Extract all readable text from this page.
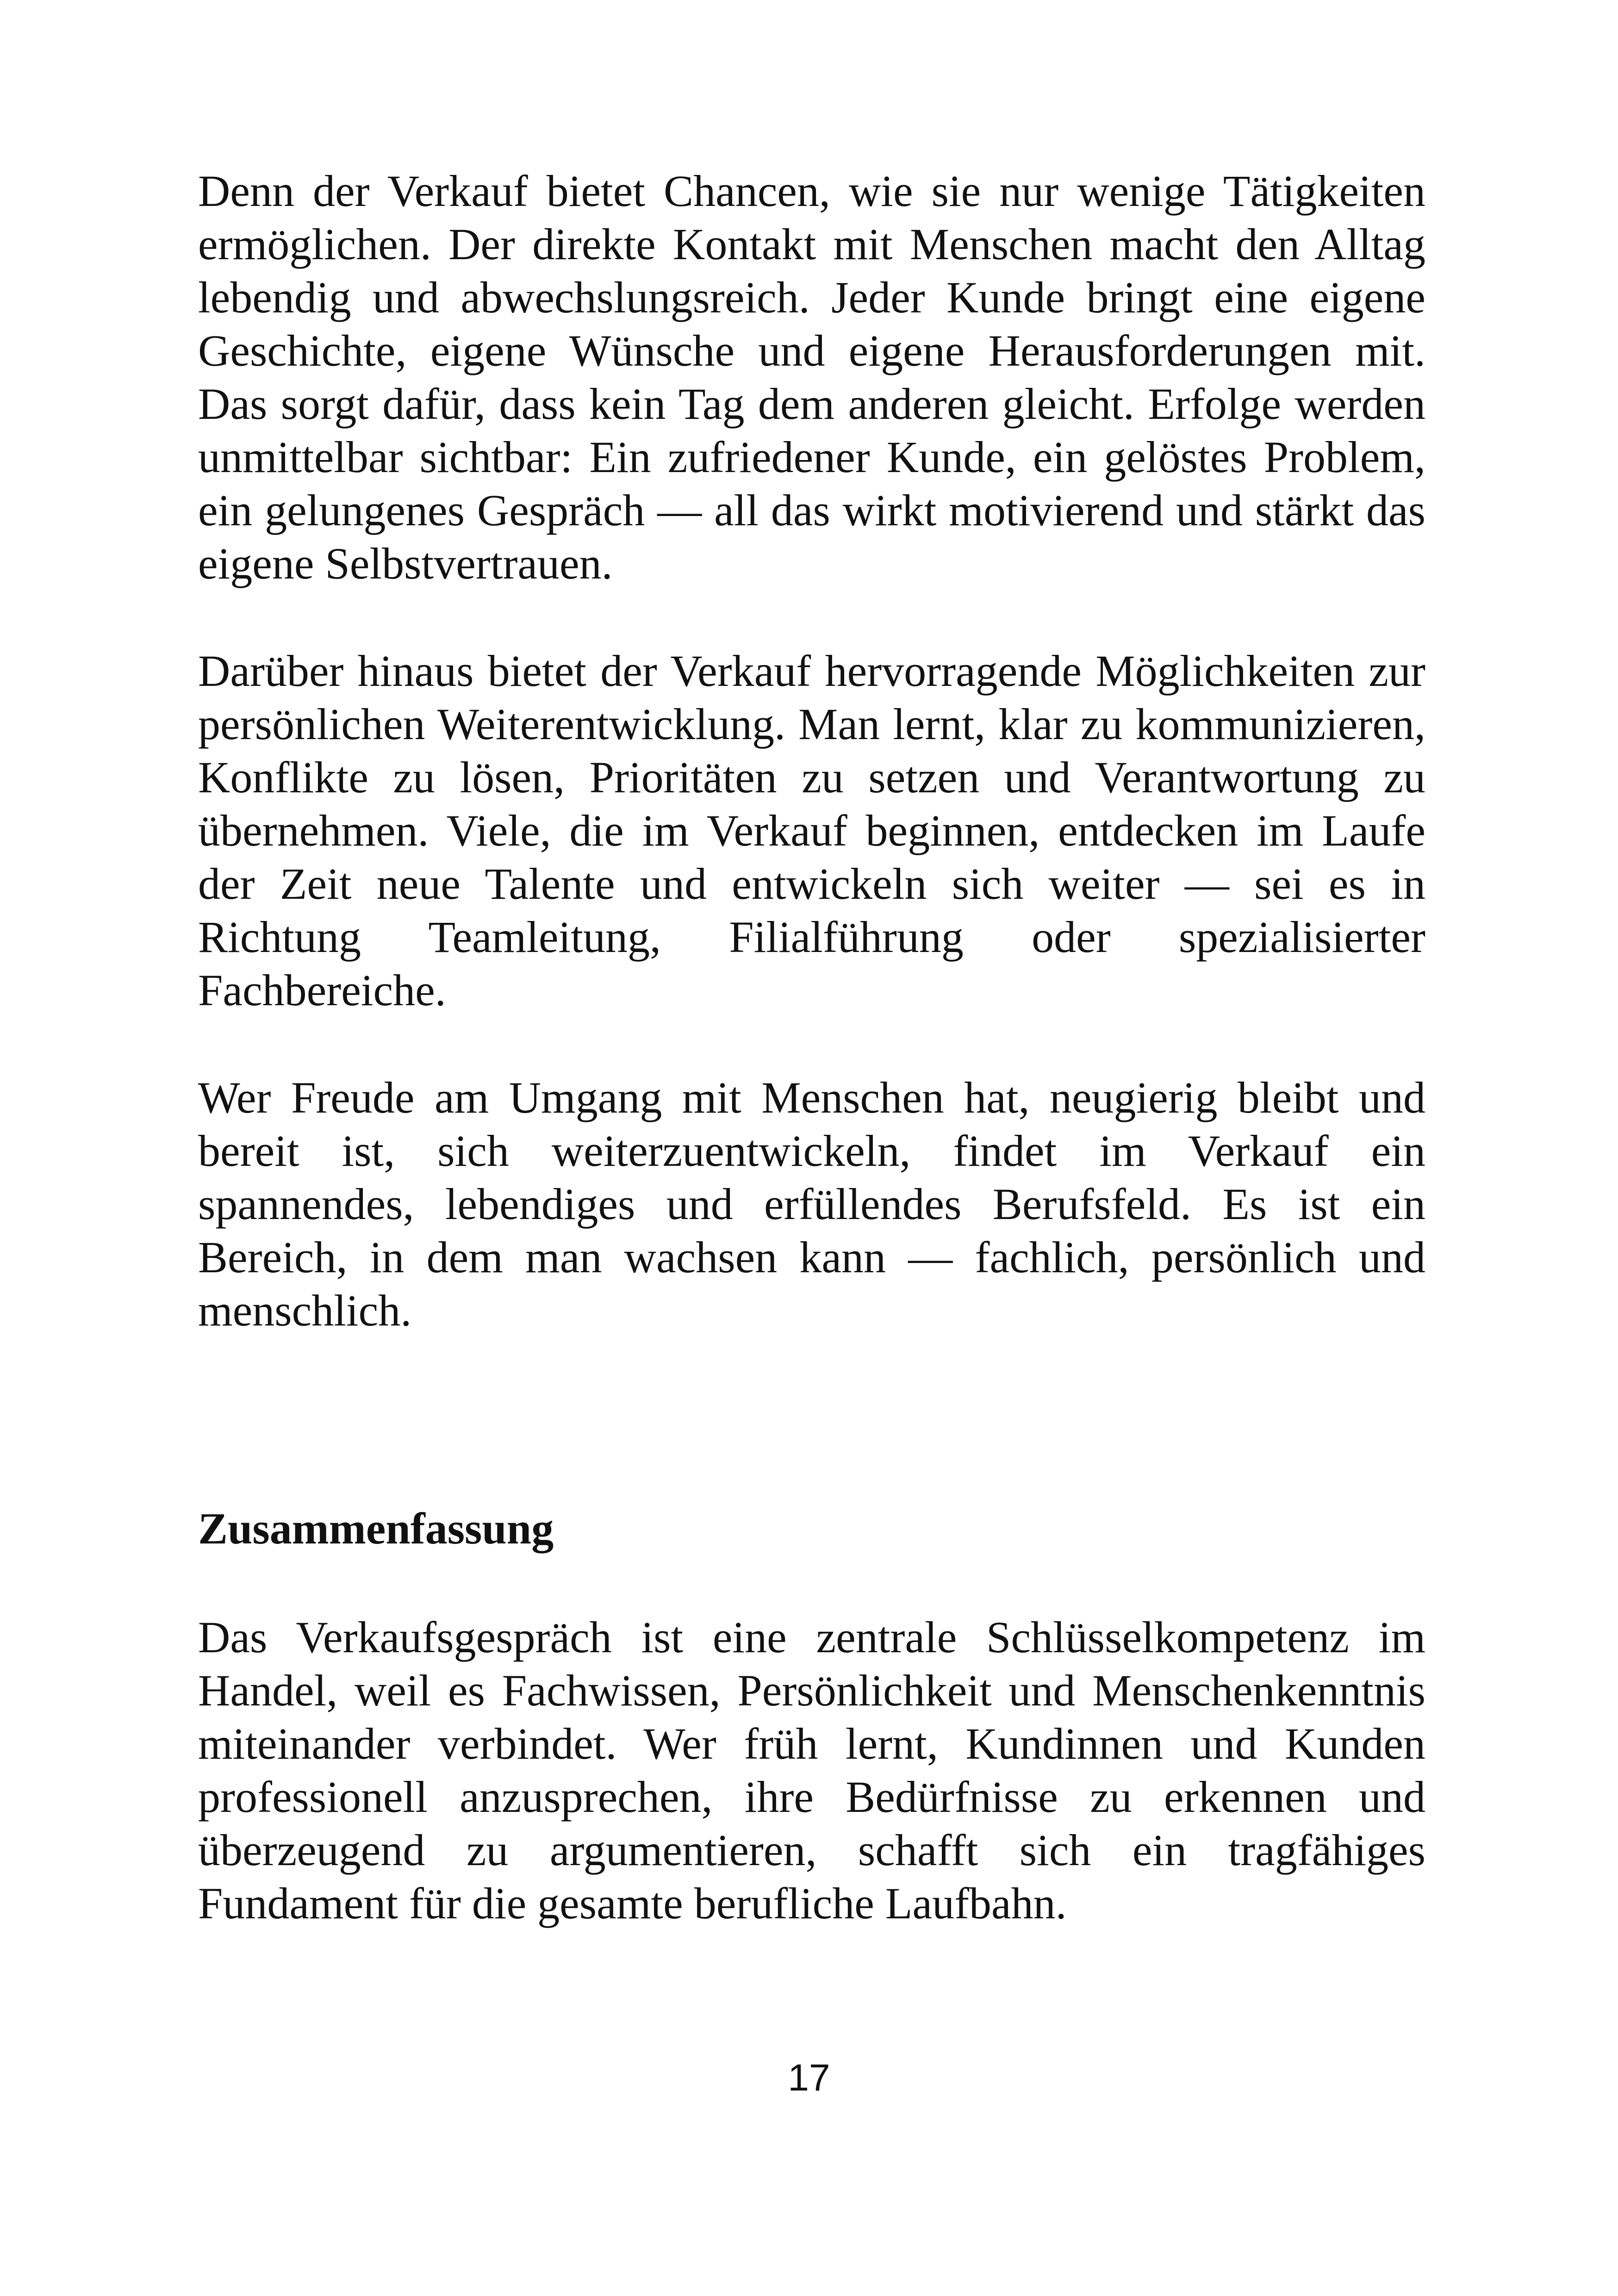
Denn der Verkauf bietet Chancen, wie sie nur wenige Tätigkeiten ermöglichen. Der direkte Kontakt mit Menschen macht den Alltag lebendig und abwechslungsreich. Jeder Kunde bringt eine eigene Geschichte, eigene Wünsche und eigene Herausforderungen mit. Das sorgt dafür, dass kein Tag dem anderen gleicht. Erfolge werden unmittelbar sichtbar: Ein zufriedener Kunde, ein gelöstes Problem, ein gelungenes Gespräch — all das wirkt motivierend und stärkt das eigene Selbstvertrauen.

Darüber hinaus bietet der Verkauf hervorragende Möglichkeiten zur persönlichen Weiterentwicklung. Man lernt, klar zu kommunizieren, Konflikte zu lösen, Prioritäten zu setzen und Verantwortung zu übernehmen. Viele, die im Verkauf beginnen, entdecken im Laufe der Zeit neue Talente und entwickeln sich weiter — sei es in Richtung Teamleitung, Filialführung oder spezialisierter Fachbereiche.

Wer Freude am Umgang mit Menschen hat, neugierig bleibt und bereit ist, sich weiterzuentwickeln, findet im Verkauf ein spannendes, lebendiges und erfüllendes Berufsfeld. Es ist ein Bereich, in dem man wachsen kann — fachlich, persönlich und menschlich.

Zusammenfassung

Das Verkaufsgespräch ist eine zentrale Schlüsselkompetenz im Handel, weil es Fachwissen, Persönlichkeit und Menschenkenntnis miteinander verbindet. Wer früh lernt, Kundinnen und Kunden professionell anzusprechen, ihre Bedürfnisse zu erkennen und überzeugend zu argumentieren, schafft sich ein tragfähiges Fundament für die gesamte berufliche Laufbahn.

17
